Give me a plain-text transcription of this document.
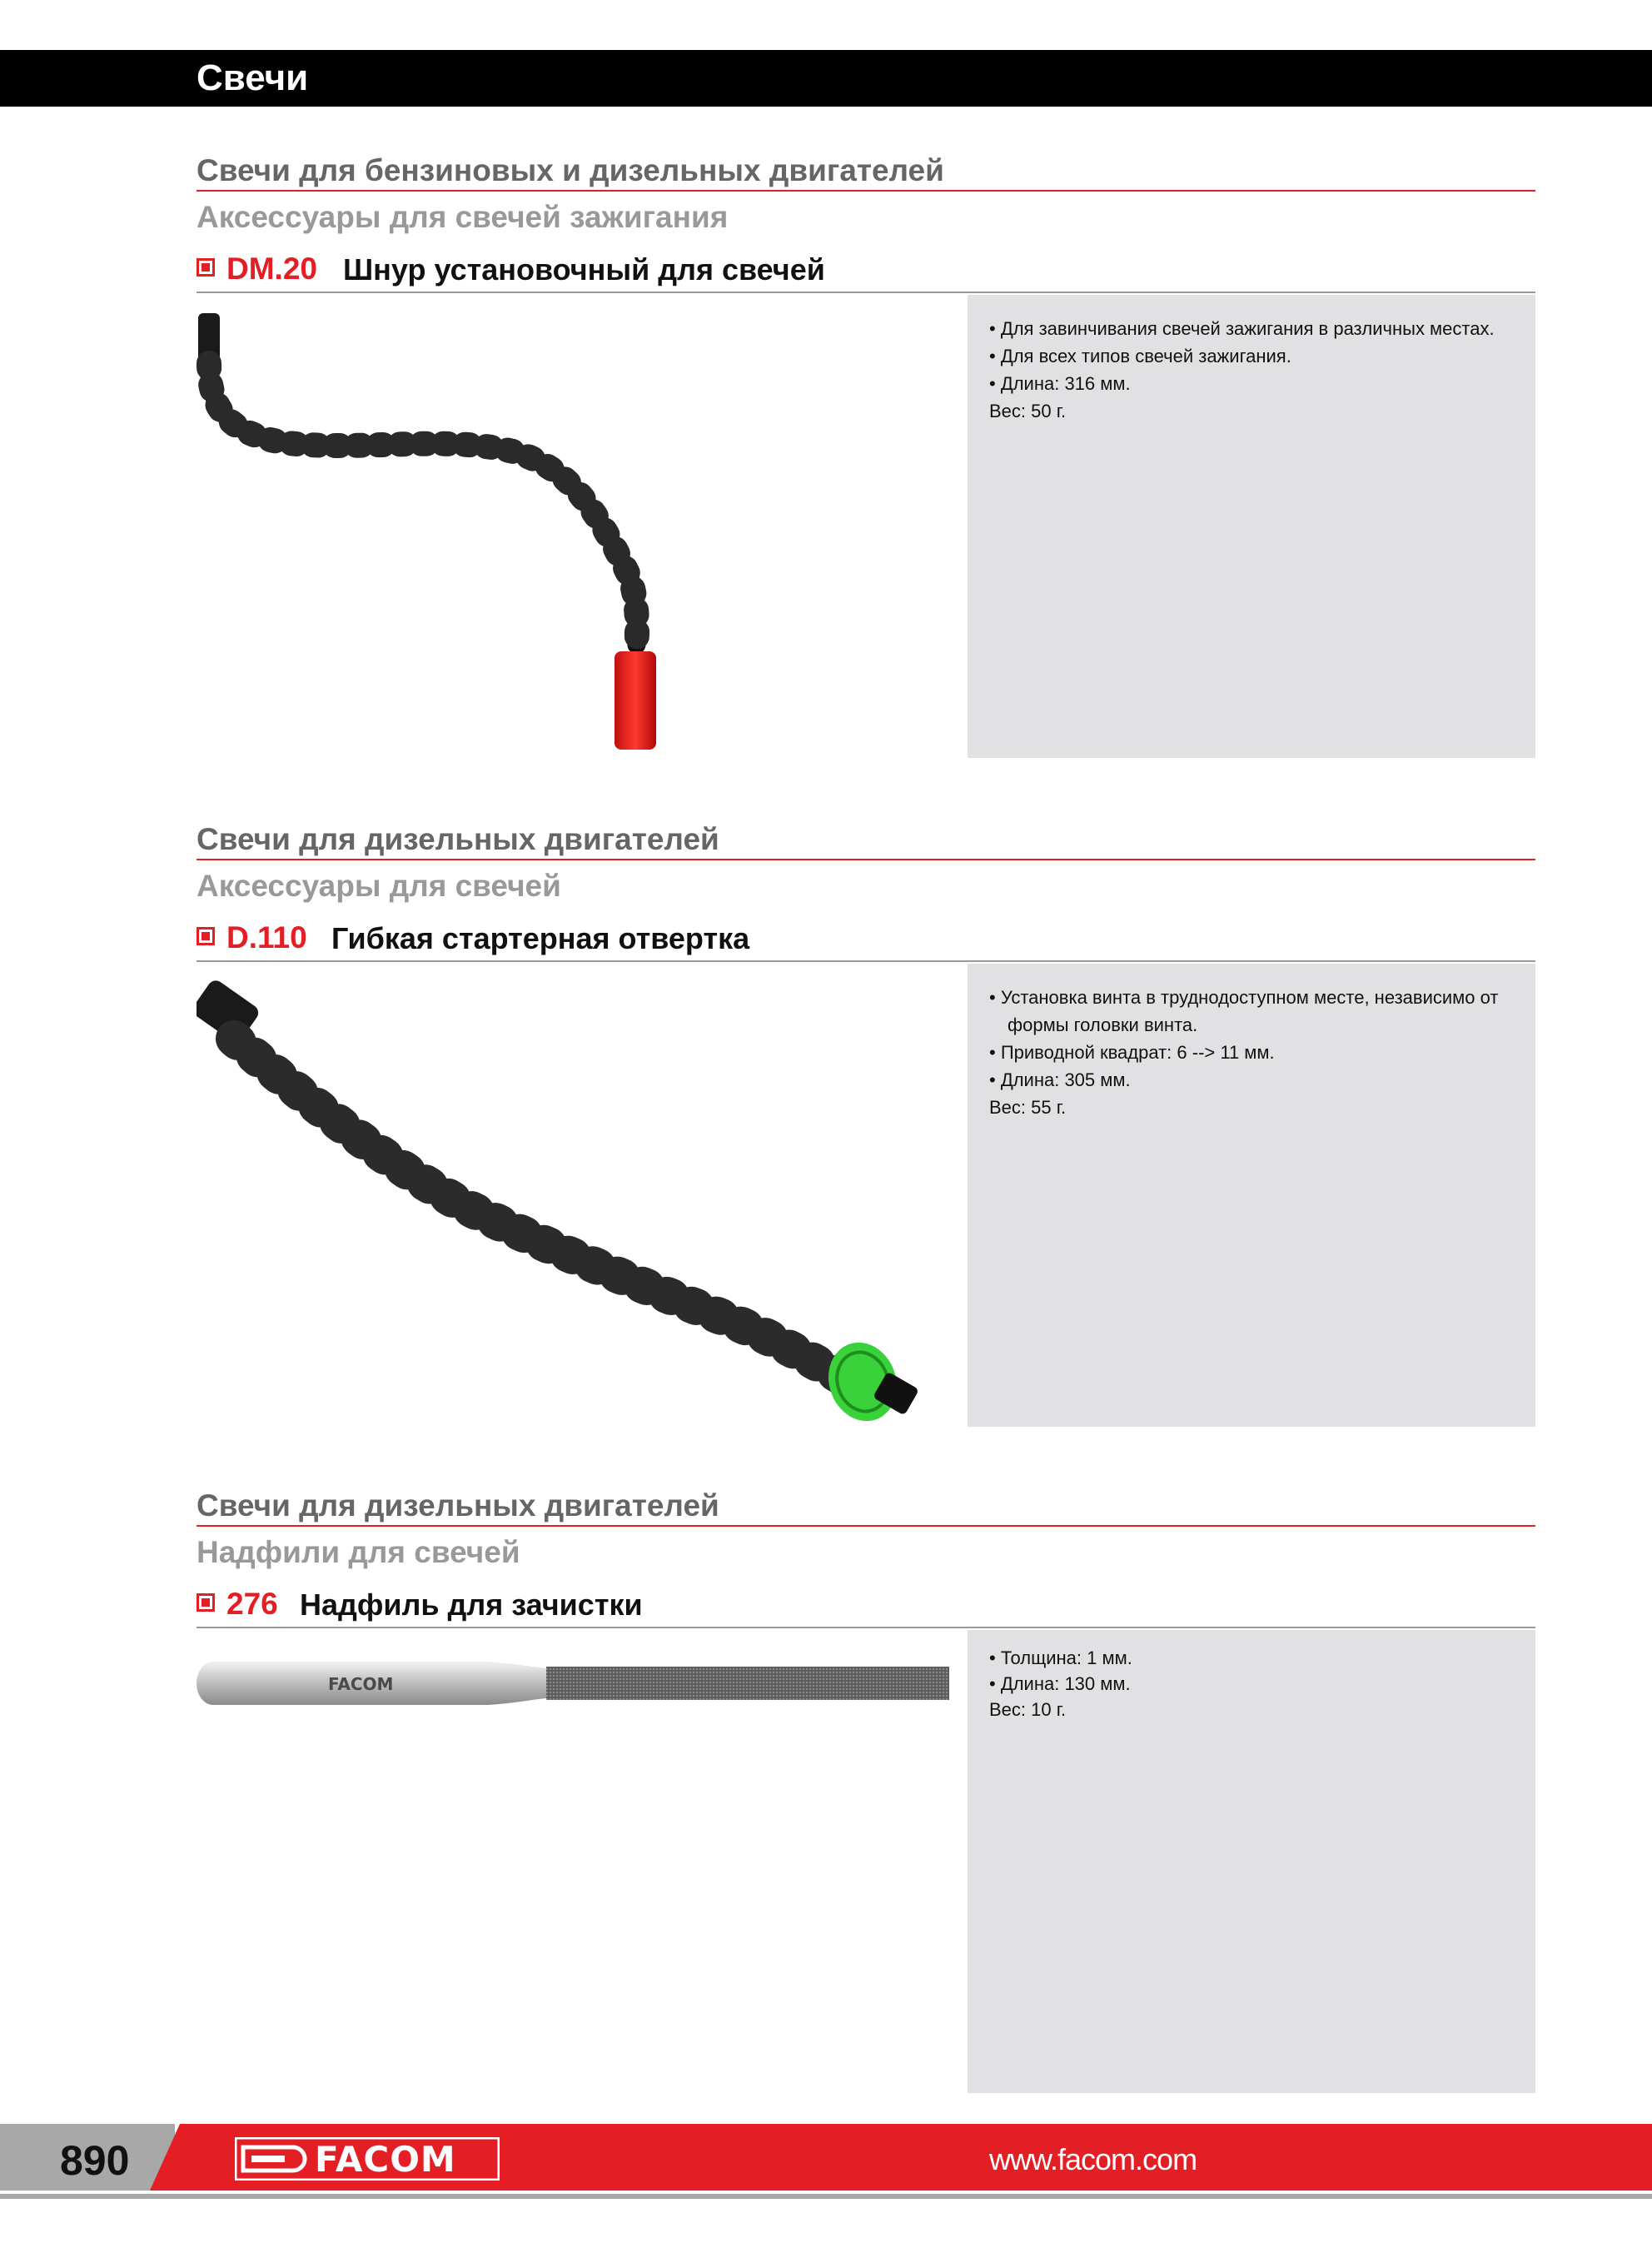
Свечи
Свечи для бензиновых и дизельных двигателей
Аксессуары для свечей зажигания
DM.20 Шнур установочный для свечей
• Для завинчивания свечей зажигания в различных местах.
• Для всех типов свечей зажигания.
• Длина: 316 мм.
Вес: 50 г.
Свечи для дизельных двигателей
Аксессуары для свечей
D.110 Гибкая стартерная отвертка
• Установка винта в труднодоступном месте, независимо от
формы головки винта.
• Приводной квадрат: 6 --> 11 мм.
• Длина: 305 мм.
Вес: 55 г.
Свечи для дизельных двигателей
Надфили для свечей
276 Надфиль для зачистки
FACOM
• Толщина: 1 мм.
• Длина: 130 мм.
Вес: 10 г.
890	FACOM	www.facom.com
